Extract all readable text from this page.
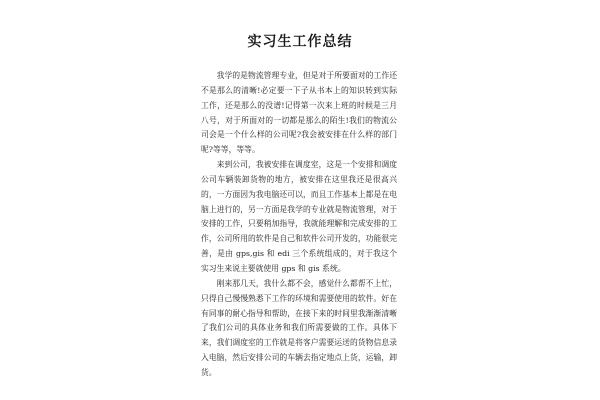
实习生工作总结

我学的是物流管理专业，但是对于所要面对的工作还不是那么的清晰!必定要一下子从书本上的知识转到实际工作，还是那么的没谱!记得第一次来上班的时候是三月八号，对于所面对的一切都是那么的陌生!我们的物流公司会是一个什么样的公司呢?我会被安排在什么样的部门呢?等等，等等。

来到公司，我被安排在调度室，这是一个安排和调度公司车辆装卸货物的地方，被安排在这里我还是很高兴的，一方面因为我电脑还可以，而且工作基本上都是在电脑上进行的，另一方面是我学的专业就是物流管理，对于安排的工作，只要稍加指导，我就能理解和完成安排的工作，公司所用的软件是自己和软件公司开发的，功能很完善，是由 gps,gis 和 edi 三个系统组成的，对于我这个实习生来说主要就使用 gps 和 gis 系统。

刚来那几天，我什么都不会，感觉什么都帮不上忙，只得自己慢慢熟悉下工作的环境和需要使用的软件。好在有同事的耐心指导和帮助，在接下来的时间里我渐渐清晰了我们公司的具体业务和我们所需要做的工作。具体下来，我们调度室的工作就是将客户需要运送的货物信息录入电脑，然后安排公司的车辆去指定地点上货，运输，卸货。
